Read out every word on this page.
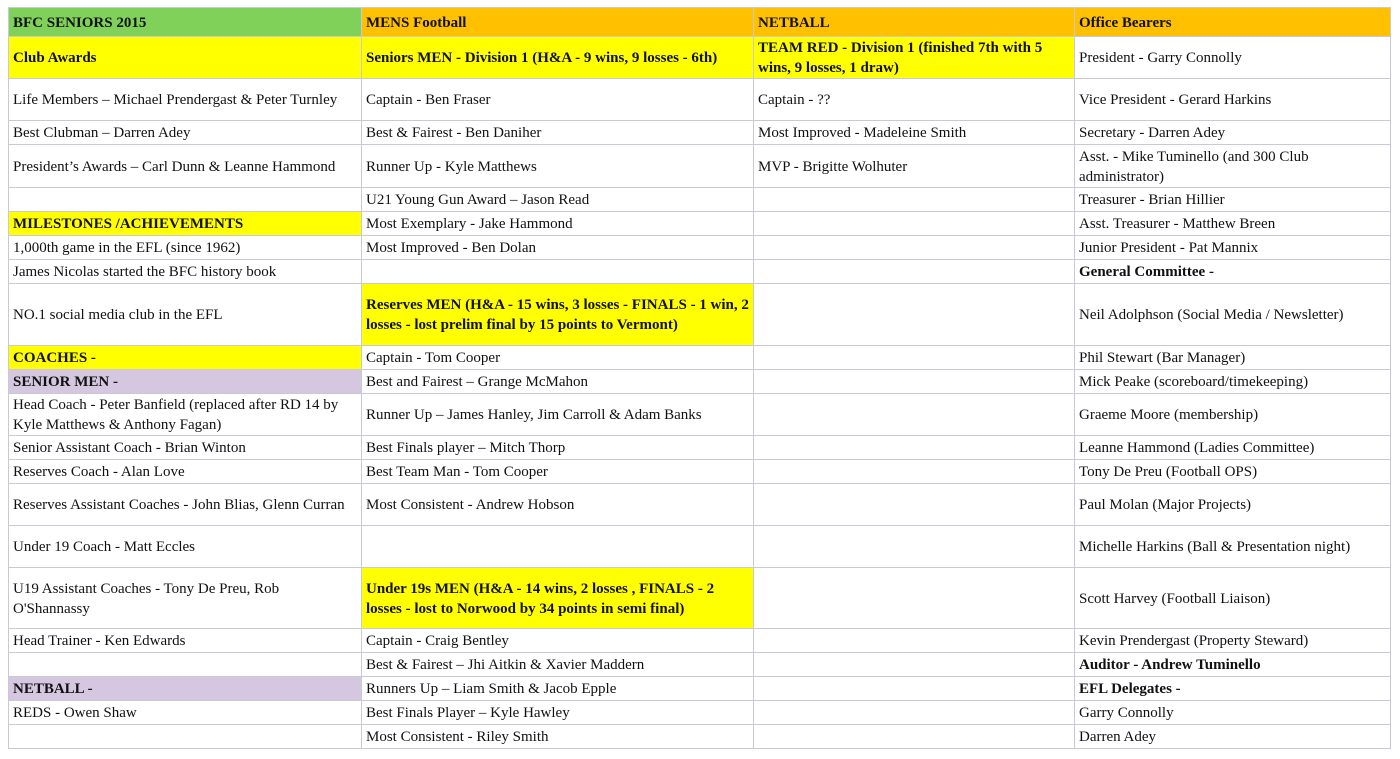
BFC SENIORS 2015	MENS Football	NETBALL	Office Bearers
Club Awards	Seniors MEN - Division 1 (H&A - 9 wins, 9 losses - 6th)	TEAM RED - Division 1 (finished 7th with 5 wins, 9 losses, 1 draw)	President - Garry Connolly
Life Members – Michael Prendergast & Peter Turnley	Captain - Ben Fraser	Captain - ??	Vice President - Gerard Harkins
Best Clubman – Darren Adey	Best & Fairest - Ben Daniher	Most Improved - Madeleine Smith	Secretary - Darren Adey
President’s Awards – Carl Dunn & Leanne Hammond	Runner Up - Kyle Matthews	MVP - Brigitte Wolhuter	Asst. - Mike Tuminello (and 300 Club administrator)
	U21 Young Gun Award – Jason Read		Treasurer - Brian Hillier
MILESTONES /ACHIEVEMENTS	Most Exemplary - Jake Hammond		Asst. Treasurer - Matthew Breen
1,000th game in the EFL (since 1962)	Most Improved - Ben Dolan		Junior President - Pat Mannix
James Nicolas started the BFC history book			General Committee -
NO.1 social media club in the EFL	Reserves MEN (H&A - 15 wins, 3 losses - FINALS - 1 win, 2 losses - lost prelim final by 15 points to Vermont)		Neil Adolphson (Social Media / Newsletter)
COACHES -	Captain - Tom Cooper		Phil Stewart (Bar Manager)
SENIOR MEN -	Best and Fairest – Grange McMahon		Mick Peake (scoreboard/timekeeping)
Head Coach - Peter Banfield (replaced after RD 14 by Kyle Matthews & Anthony Fagan)	Runner Up – James Hanley, Jim Carroll & Adam Banks		Graeme Moore (membership)
Senior Assistant Coach - Brian Winton	Best Finals player – Mitch Thorp		Leanne Hammond (Ladies Committee)
Reserves Coach - Alan Love	Best Team Man - Tom Cooper		Tony De Preu (Football OPS)
Reserves Assistant Coaches - John Blias, Glenn Curran	Most Consistent - Andrew Hobson		Paul Molan (Major Projects)
Under 19 Coach - Matt Eccles			Michelle Harkins (Ball & Presentation night)
U19 Assistant Coaches - Tony De Preu, Rob O'Shannassy	Under 19s MEN (H&A - 14 wins, 2 losses , FINALS - 2 losses - lost to Norwood by 34 points in semi final)		Scott Harvey (Football Liaison)
Head Trainer - Ken Edwards	Captain - Craig Bentley		Kevin Prendergast (Property Steward)
	Best & Fairest – Jhi Aitkin & Xavier Maddern		Auditor - Andrew Tuminello
NETBALL -	Runners Up – Liam Smith & Jacob Epple		EFL Delegates -
REDS - Owen Shaw	Best Finals Player – Kyle Hawley		Garry Connolly
	Most Consistent - Riley Smith		Darren Adey
